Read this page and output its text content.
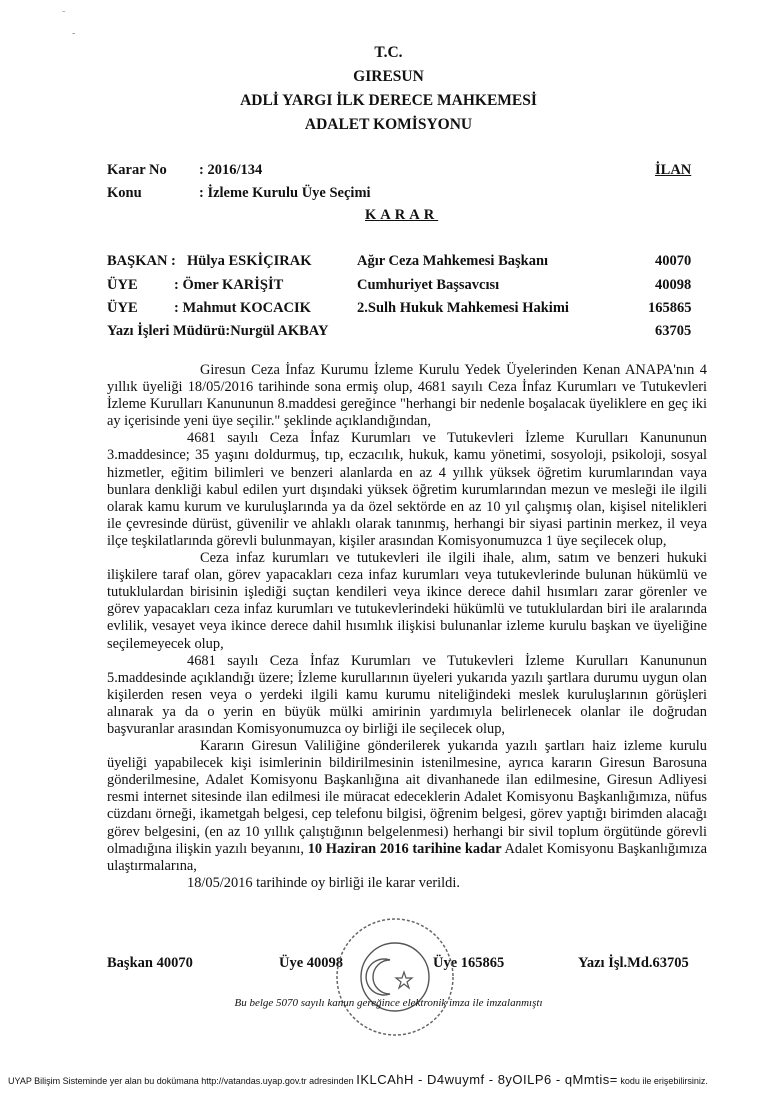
˜
-
T.C.
GIRESUN
ADLİ YARGI İLK DERECE MAHKEMESİ
ADALET KOMİSYONU
Karar No : 2016/134	İLAN
Konu	: İzleme Kurulu Üye Seçimi
KARAR
BAŞKAN : Hülya ESKİÇIRAK	Ağır Ceza Mahkemesi Başkanı	40070
ÜYE	: Ömer KARİŞİT	Cumhuriyet Başsavcısı	40098
ÜYE	: Mahmut KOCACIK	2.Sulh Hukuk Mahkemesi Hakimi	165865
Yazı İşleri Müdürü:Nurgül AKBAY	63705

Giresun Ceza İnfaz Kurumu İzleme Kurulu Yedek Üyelerinden Kenan ANAPA'nın 4 yıllık üyeliği 18/05/2016 tarihinde sona ermiş olup, 4681 sayılı Ceza İnfaz Kurumları ve Tutukevleri İzleme Kurulları Kanununun 8.maddesi gereğince "herhangi bir nedenle boşalacak üyeliklere en geç iki ay içerisinde yeni üye seçilir." şeklinde açıklandığından,

4681 sayılı Ceza İnfaz Kurumları ve Tutukevleri İzleme Kurulları Kanununun 3.maddesince; 35 yaşını doldurmuş, tıp, eczacılık, hukuk, kamu yönetimi, sosyoloji, psikoloji, sosyal hizmetler, eğitim bilimleri ve benzeri alanlarda en az 4 yıllık yüksek öğretim kurumlarından vaya bunlara denkliği kabul edilen yurt dışındaki yüksek öğretim kurumlarından mezun ve mesleği ile ilgili olarak kamu kurum ve kuruluşlarında ya da özel sektörde en az 10 yıl çalışmış olan, kişisel nitelikleri ile çevresinde dürüst, güvenilir ve ahlaklı olarak tanınmış, herhangi bir siyasi partinin merkez, il veya ilçe teşkilatlarında görevli bulunmayan, kişiler arasından Komisyonumuzca 1 üye seçilecek olup,

Ceza infaz kurumları ve tutukevleri ile ilgili ihale, alım, satım ve benzeri hukuki ilişkilere taraf olan, görev yapacakları ceza infaz kurumları veya tutukevlerinde bulunan hükümlü ve tutuklulardan birisinin işlediği suçtan kendileri veya ikince derece dahil hısımları zarar görenler ve görev yapacakları ceza infaz kurumları ve tutukevlerindeki hükümlü ve tutuklulardan biri ile aralarında evlilik, vesayet veya ikince derece dahil hısımlık ilişkisi bulunanlar izleme kurulu başkan ve üyeliğine seçilemeyecek olup,

4681 sayılı Ceza İnfaz Kurumları ve Tutukevleri İzleme Kurulları Kanununun 5.maddesinde açıklandığı üzere; İzleme kurullarının üyeleri yukarıda yazılı şartlara durumu uygun olan kişilerden resen veya o yerdeki ilgili kamu kurumu niteliğindeki meslek kuruluşlarının görüşleri alınarak ya da o yerin en büyük mülki amirinin yardımıyla belirlenecek olanlar ile doğrudan başvuranlar arasından Komisyonumuzca oy birliği ile seçilecek olup,

Kararın Giresun Valiliğine gönderilerek yukarıda yazılı şartları haiz izleme kurulu üyeliği yapabilecek kişi isimlerinin bildirilmesinin istenilmesine, ayrıca kararın Giresun Barosuna gönderilmesine, Adalet Komisyonu Başkanlığına ait divanhanede ilan edilmesine, Giresun Adliyesi resmi internet sitesinde ilan edilmesi ile müracat edeceklerin Adalet Komisyonu Başkanlığımıza, nüfus cüzdanı örneği, ikametgah belgesi, cep telefonu bilgisi, öğrenim belgesi, görev yaptığı birimden alacağı görev belgesini, (en az 10 yıllık çalıştığının belgelenmesi) herhangi bir sivil toplum örgütünde görevli olmadığına ilişkin yazılı beyanını, 10 Haziran 2016 tarihine kadar Adalet Komisyonu Başkanlığımıza ulaştırmalarına,

18/05/2016 tarihinde oy birliği ile karar verildi.

Başkan 40070	Üye 40098	Üye 165865	Yazı İşl.Md.63705
Bu belge 5070 sayılı kanun gereğince elektronik imza ile imzalanmıştı
UYAP Bilişim Sisteminde yer alan bu dokümana http://vatandas.uyap.gov.tr adresinden IKLCAhH - D4wuymf - 8yOILP6 - qMmtis= kodu ile erişebilirsiniz.
